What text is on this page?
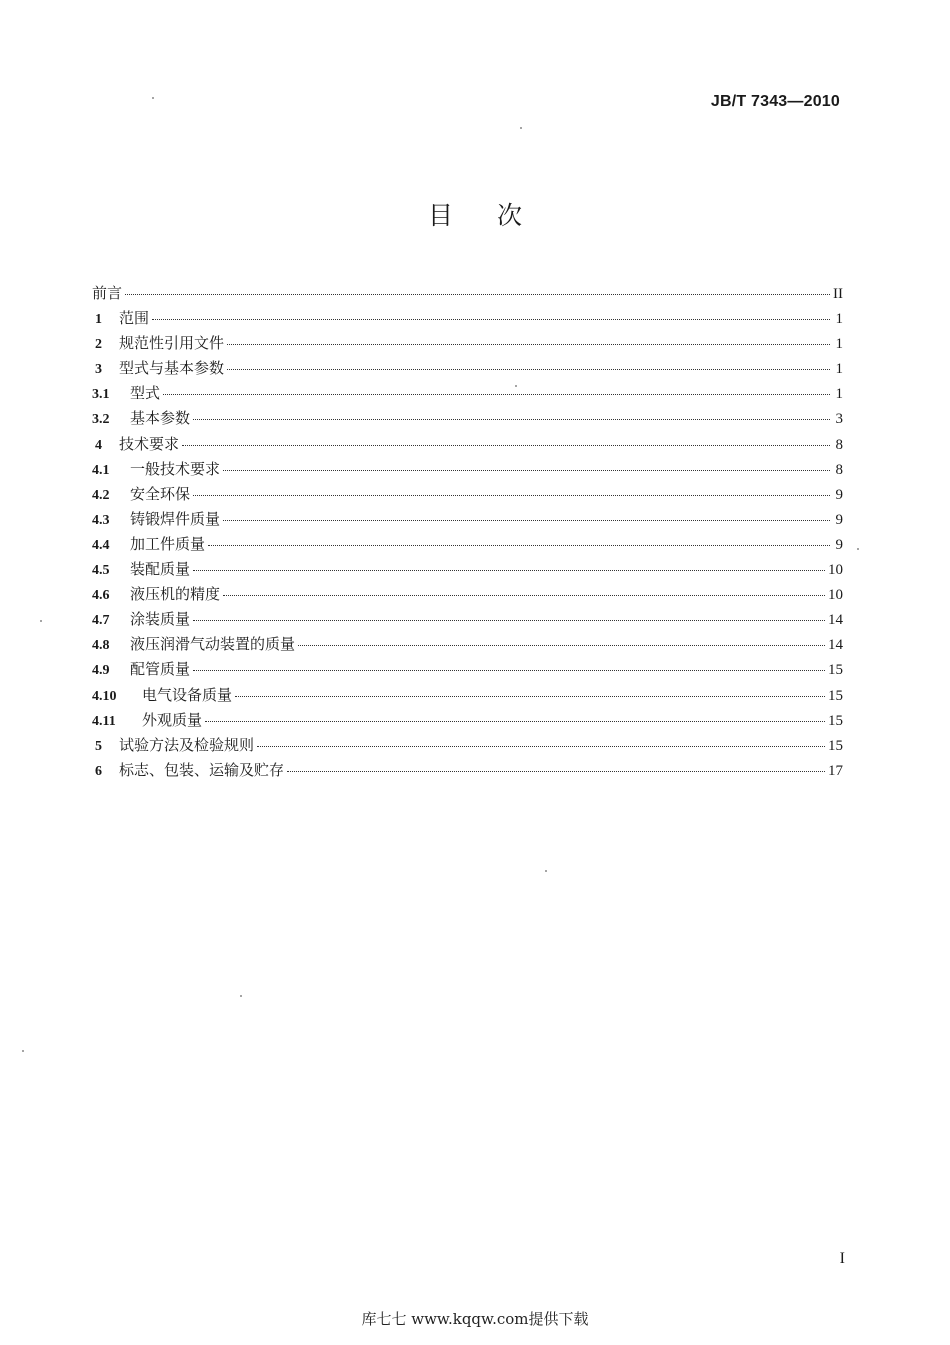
JB/T 7343—2010
目 次
前言	II
1	范围	1
2	规范性引用文件	1
3	型式与基本参数	1
3.1	型式	1
3.2	基本参数	3
4	技术要求	8
4.1	一般技术要求	8
4.2	安全环保	9
4.3	铸锻焊件质量	9
4.4	加工件质量	9
4.5	装配质量	10
4.6	液压机的精度	10
4.7	涂装质量	14
4.8	液压润滑气动装置的质量	14
4.9	配管质量	15
4.10	电气设备质量	15
4.11	外观质量	15
5	试验方法及检验规则	15
6	标志、包装、运输及贮存	17
I
库七七 www.kqqw.com提供下载
